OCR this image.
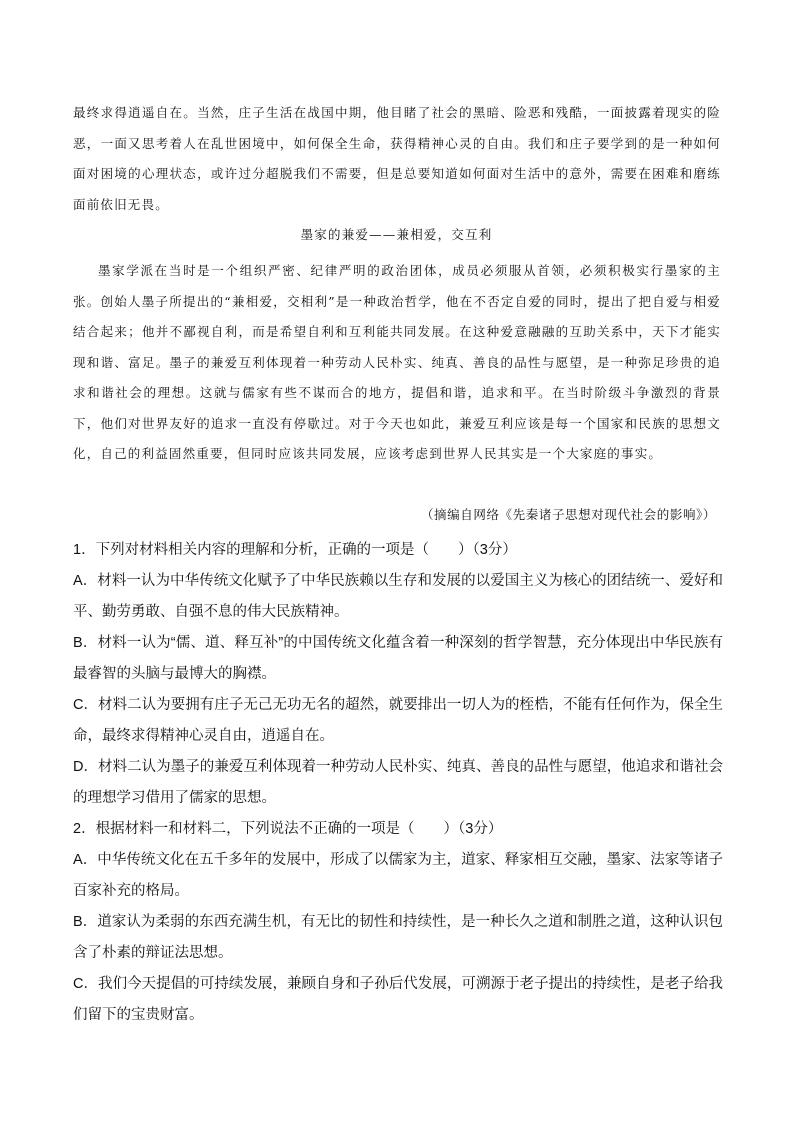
最终求得逍遥自在。当然，庄子生活在战国中期，他目睹了社会的黑暗、险恶和残酷，一面披露着现实的险恶，一面又思考着人在乱世困境中，如何保全生命，获得精神心灵的自由。我们和庄子要学到的是一种如何面对困境的心理状态，或许过分超脱我们不需要，但是总要知道如何面对生活中的意外，需要在困难和磨练面前依旧无畏。

墨家的兼爱——兼相爱，交互利

墨家学派在当时是一个组织严密、纪律严明的政治团体，成员必须服从首领，必须积极实行墨家的主张。创始人墨子所提出的“兼相爱，交相利”是一种政治哲学，他在不否定自爱的同时，提出了把自爱与相爱结合起来；他并不鄙视自利，而是希望自利和互利能共同发展。在这种爱意融融的互助关系中，天下才能实现和谐、富足。墨子的兼爱互利体现着一种劳动人民朴实、纯真、善良的品性与愿望，是一种弥足珍贵的追求和谐社会的理想。这就与儒家有些不谋而合的地方，提倡和谐，追求和平。在当时阶级斗争激烈的背景下，他们对世界友好的追求一直没有停歇过。对于今天也如此，兼爱互利应该是每一个国家和民族的思想文化，自己的利益固然重要，但同时应该共同发展，应该考虑到世界人民其实是一个大家庭的事实。

（摘编自网络《先秦诸子思想对现代社会的影响》）

1．下列对材料相关内容的理解和分析，正确的一项是（　　）（3分）

A．材料一认为中华传统文化赋予了中华民族赖以生存和发展的以爱国主义为核心的团结统一、爱好和平、勤劳勇敢、自强不息的伟大民族精神。

B．材料一认为“儒、道、释互补”的中国传统文化蕴含着一种深刻的哲学智慧，充分体现出中华民族有最睿智的头脑与最博大的胸襟。

C．材料二认为要拥有庄子无己无功无名的超然，就要排出一切人为的桎梏，不能有任何作为，保全生命，最终求得精神心灵自由，逍遥自在。

D．材料二认为墨子的兼爱互利体现着一种劳动人民朴实、纯真、善良的品性与愿望，他追求和谐社会的理想学习借用了儒家的思想。

2．根据材料一和材料二，下列说法不正确的一项是（　　）（3分）

A．中华传统文化在五千多年的发展中，形成了以儒家为主，道家、释家相互交融，墨家、法家等诸子百家补充的格局。

B．道家认为柔弱的东西充满生机，有无比的韧性和持续性，是一种长久之道和制胜之道，这种认识包含了朴素的辩证法思想。

C．我们今天提倡的可持续发展，兼顾自身和子孙后代发展，可溯源于老子提出的持续性，是老子给我们留下的宝贵财富。
